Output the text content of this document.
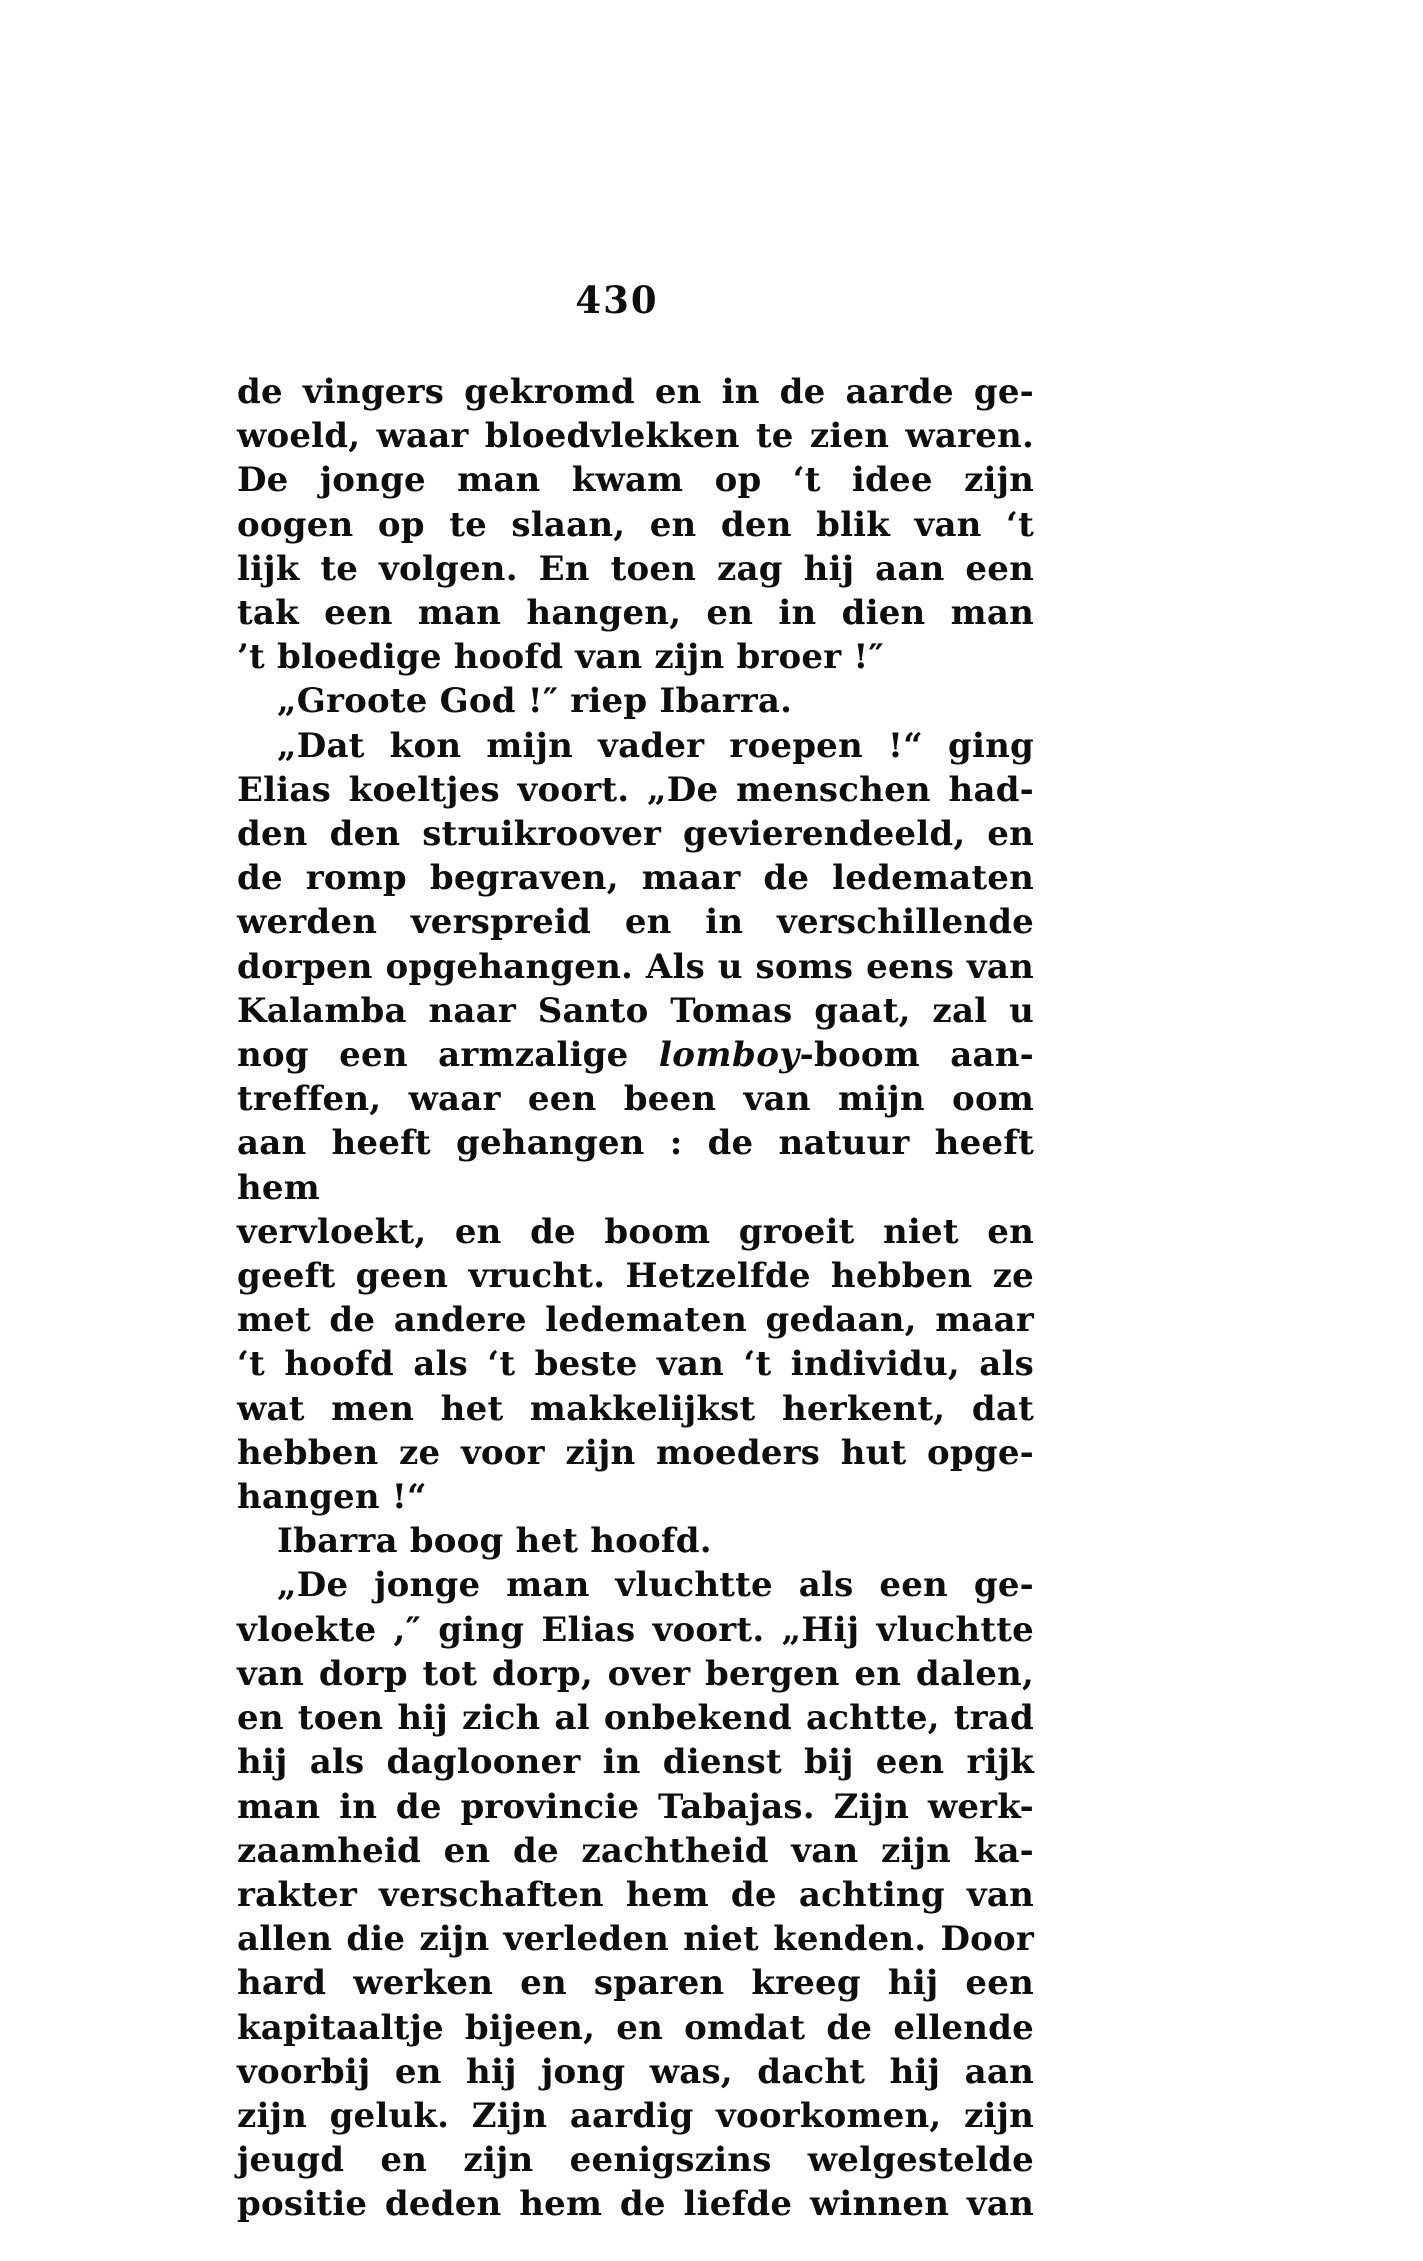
430
de vingers gekromd en in de aarde ge-
woeld, waar bloedvlekken te zien waren.
De jonge man kwam op ‘t idee zijn
oogen op te slaan, en den blik van ‘t
lijk te volgen. En toen zag hij aan een
tak een man hangen, en in dien man
’t bloedige hoofd van zijn broer !″
„Groote God !″ riep Ibarra.
„Dat kon mijn vader roepen !“ ging
Elias koeltjes voort. „De menschen had-
den den struikroover gevierendeeld, en
de romp begraven, maar de ledematen
werden verspreid en in verschillende
dorpen opgehangen. Als u soms eens van
Kalamba naar Santo Tomas gaat, zal u
nog een armzalige lomboy-boom aan-
treffen, waar een been van mijn oom
aan heeft gehangen : de natuur heeft hem
vervloekt, en de boom groeit niet en
geeft geen vrucht. Hetzelfde hebben ze
met de andere ledematen gedaan, maar
‘t hoofd als ‘t beste van ‘t individu, als
wat men het makkelijkst herkent, dat
hebben ze voor zijn moeders hut opge-
hangen !“
Ibarra boog het hoofd.
„De jonge man vluchtte als een ge-
vloekte ,″ ging Elias voort. „Hij vluchtte
van dorp tot dorp, over bergen en dalen,
en toen hij zich al onbekend achtte, trad
hij als daglooner in dienst bij een rijk
man in de provincie Tabajas. Zijn werk-
zaamheid en de zachtheid van zijn ka-
rakter verschaften hem de achting van
allen die zijn verleden niet kenden. Door
hard werken en sparen kreeg hij een
kapitaaltje bijeen, en omdat de ellende
voorbij en hij jong was, dacht hij aan
zijn geluk. Zijn aardig voorkomen, zijn
jeugd en zijn eenigszins welgestelde
positie deden hem de liefde winnen van
